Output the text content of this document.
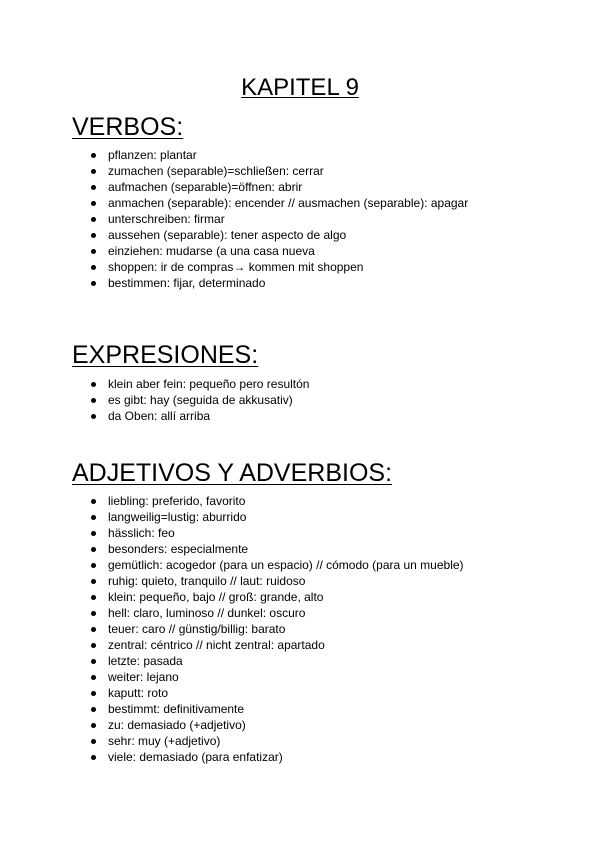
KAPITEL 9
VERBOS:
pflanzen: plantar
zumachen (separable)=schließen: cerrar
aufmachen (separable)=öffnen: abrir
anmachen (separable): encender // ausmachen (separable): apagar
unterschreiben: firmar
aussehen (separable): tener aspecto de algo
einziehen: mudarse (a una casa nueva
shoppen: ir de compras→ kommen mit shoppen
bestimmen: fijar, determinado
EXPRESIONES:
klein aber fein: pequeño pero resultón
es gibt: hay (seguida de akkusativ)
da Oben: allí arriba
ADJETIVOS Y ADVERBIOS:
liebling: preferido, favorito
langweilig=lustig: aburrido
hässlich: feo
besonders: especialmente
gemütlich: acogedor (para un espacio) // cómodo (para un mueble)
ruhig: quieto, tranquilo // laut: ruidoso
klein: pequeño, bajo // groß: grande, alto
hell: claro, luminoso // dunkel: oscuro
teuer: caro // günstig/billig: barato
zentral: céntrico // nicht zentral: apartado
letzte: pasada
weiter: lejano
kaputt: roto
bestimmt: definitivamente
zu: demasiado (+adjetivo)
sehr: muy (+adjetivo)
viele: demasiado (para enfatizar)
